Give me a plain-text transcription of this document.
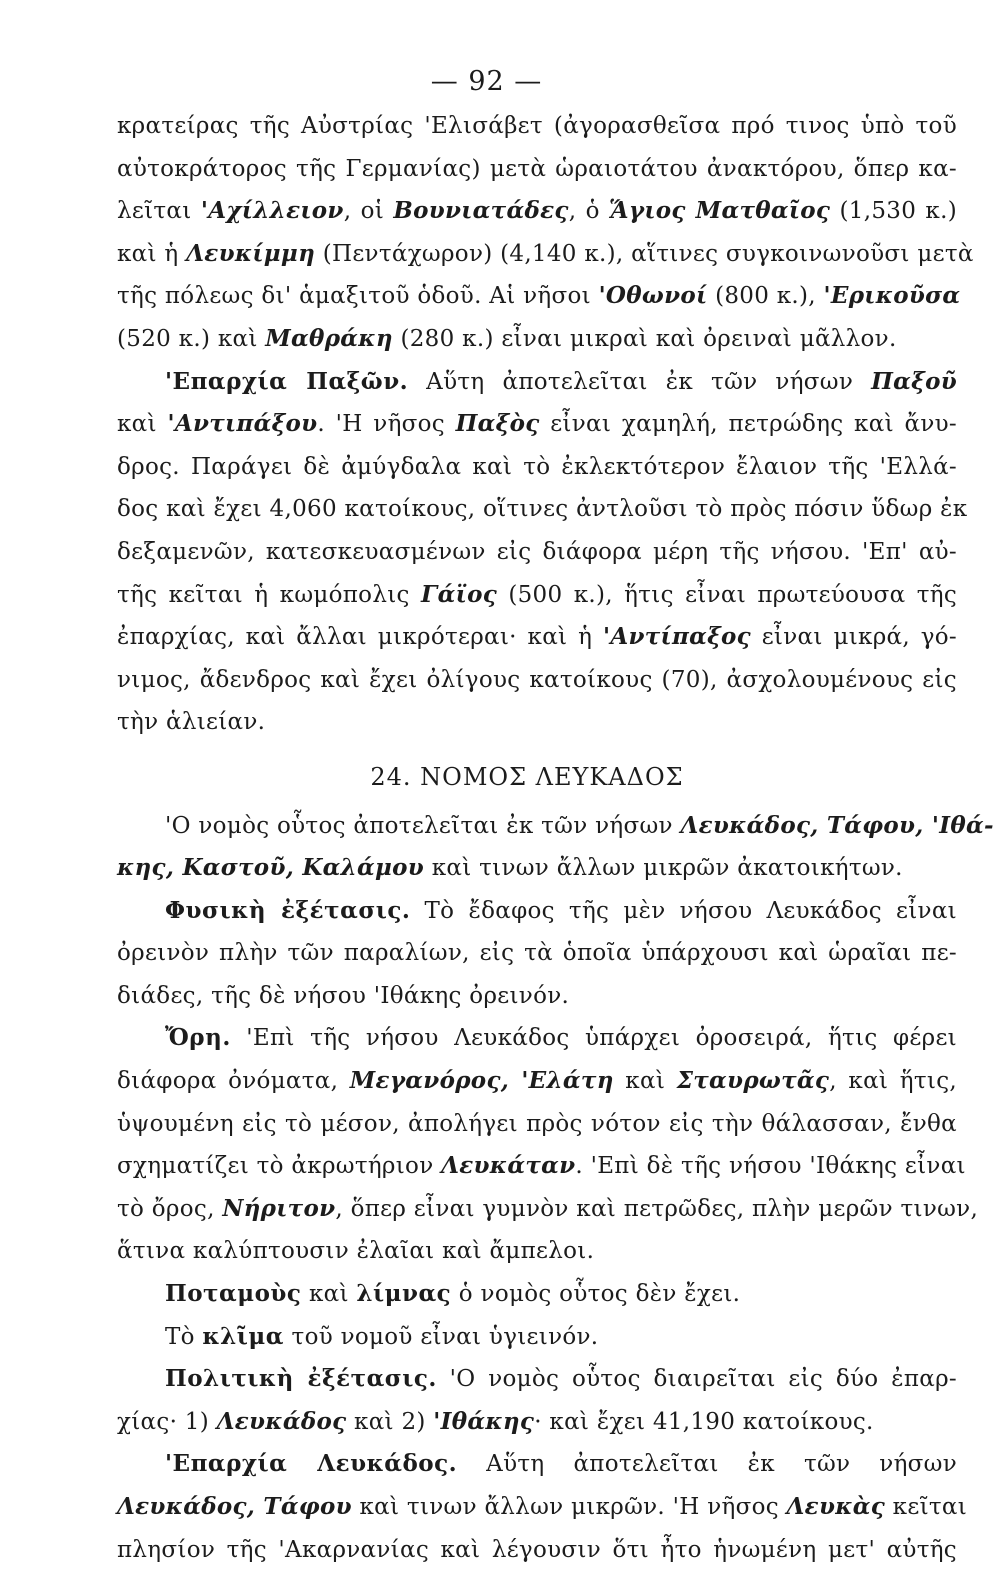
— 92 —
κρατείρας τῆς Αὐστρίας 'Ελισάβετ (ἀγορασθεῖσα πρό τινος ὑπὸ τοῦ
αὐτοκράτορος τῆς Γερμανίας) μετὰ ὡραιοτάτου ἀνακτόρου, ὅπερ κα-
λεῖται 'Αχίλλειον, οἱ Βουνιατάδες, ὁ Ἅγιος Ματθαῖος (1,530 κ.)
καὶ ἡ Λευκίμμη (Πεντάχωρον) (4,140 κ.), αἵτινες συγκοινωνοῦσι μετὰ
τῆς πόλεως δι' ἁμαξιτοῦ ὁδοῦ. Αἱ νῆσοι 'Οθωνοί (800 κ.), 'Ερικοῦσα
(520 κ.) καὶ Μαθράκη (280 κ.) εἶναι μικραὶ καὶ ὀρειναὶ μᾶλλον.
'Επαρχία Παξῶν. Αὕτη ἀποτελεῖται ἐκ τῶν νήσων Παξοῦ
καὶ 'Αντιπάξου. 'Η νῆσος Παξὸς εἶναι χαμηλή, πετρώδης καὶ ἄνυ-
δρος. Παράγει δὲ ἀμύγδαλα καὶ τὸ ἐκλεκτότερον ἔλαιον τῆς 'Ελλά-
δος καὶ ἔχει 4,060 κατοίκους, οἵτινες ἀντλοῦσι τὸ πρὸς πόσιν ὕδωρ ἐκ
δεξαμενῶν, κατεσκευασμένων εἰς διάφορα μέρη τῆς νήσου. 'Επ' αὐ-
τῆς κεῖται ἡ κωμόπολις Γάϊος (500 κ.), ἥτις εἶναι πρωτεύουσα τῆς
ἐπαρχίας, καὶ ἄλλαι μικρότεραι· καὶ ἡ 'Αντίπαξος εἶναι μικρά, γό-
νιμος, ἄδενδρος καὶ ἔχει ὀλίγους κατοίκους (70), ἀσχολουμένους εἰς
τὴν ἁλιείαν.
24. ΝΟΜΟΣ ΛΕΥΚΑΔΟΣ
'Ο νομὸς οὗτος ἀποτελεῖται ἐκ τῶν νήσων Λευκάδος, Τάφου, 'Ιθά-
κης, Καστοῦ, Καλάμου καὶ τινων ἄλλων μικρῶν ἀκατοικήτων.
Φυσικὴ ἐξέτασις. Τὸ ἔδαφος τῆς μὲν νήσου Λευκάδος εἶναι
ὀρεινὸν πλὴν τῶν παραλίων, εἰς τὰ ὁποῖα ὑπάρχουσι καὶ ὡραῖαι πε-
διάδες, τῆς δὲ νήσου 'Ιθάκης ὀρεινόν.
Ὄρη. 'Επὶ τῆς νήσου Λευκάδος ὑπάρχει ὀροσειρά, ἥτις φέρει
διάφορα ὀνόματα, Μεγανόρος, 'Ελάτη καὶ Σταυρωτᾶς, καὶ ἥτις,
ὑψουμένη εἰς τὸ μέσον, ἀπολήγει πρὸς νότον εἰς τὴν θάλασσαν, ἔνθα
σχηματίζει τὸ ἀκρωτήριον Λευκάταν. 'Επὶ δὲ τῆς νήσου 'Ιθάκης εἶναι
τὸ ὄρος, Νήριτον, ὅπερ εἶναι γυμνὸν καὶ πετρῶδες, πλὴν μερῶν τινων,
ἅτινα καλύπτουσιν ἐλαῖαι καὶ ἄμπελοι.
Ποταμοὺς καὶ λίμνας ὁ νομὸς οὗτος δὲν ἔχει.
Τὸ κλῖμα τοῦ νομοῦ εἶναι ὑγιεινόν.
Πολιτικὴ ἐξέτασις. 'Ο νομὸς οὗτος διαιρεῖται εἰς δύο ἐπαρ-
χίας· 1) Λευκάδος καὶ 2) 'Ιθάκης· καὶ ἔχει 41,190 κατοίκους.
'Επαρχία Λευκάδος. Αὕτη ἀποτελεῖται ἐκ τῶν νήσων
Λευκάδος, Τάφου καὶ τινων ἄλλων μικρῶν. 'Η νῆσος Λευκὰς κεῖται
πλησίον τῆς 'Ακαρνανίας καὶ λέγουσιν ὅτι ἦτο ἡνωμένη μετ' αὐτῆς
